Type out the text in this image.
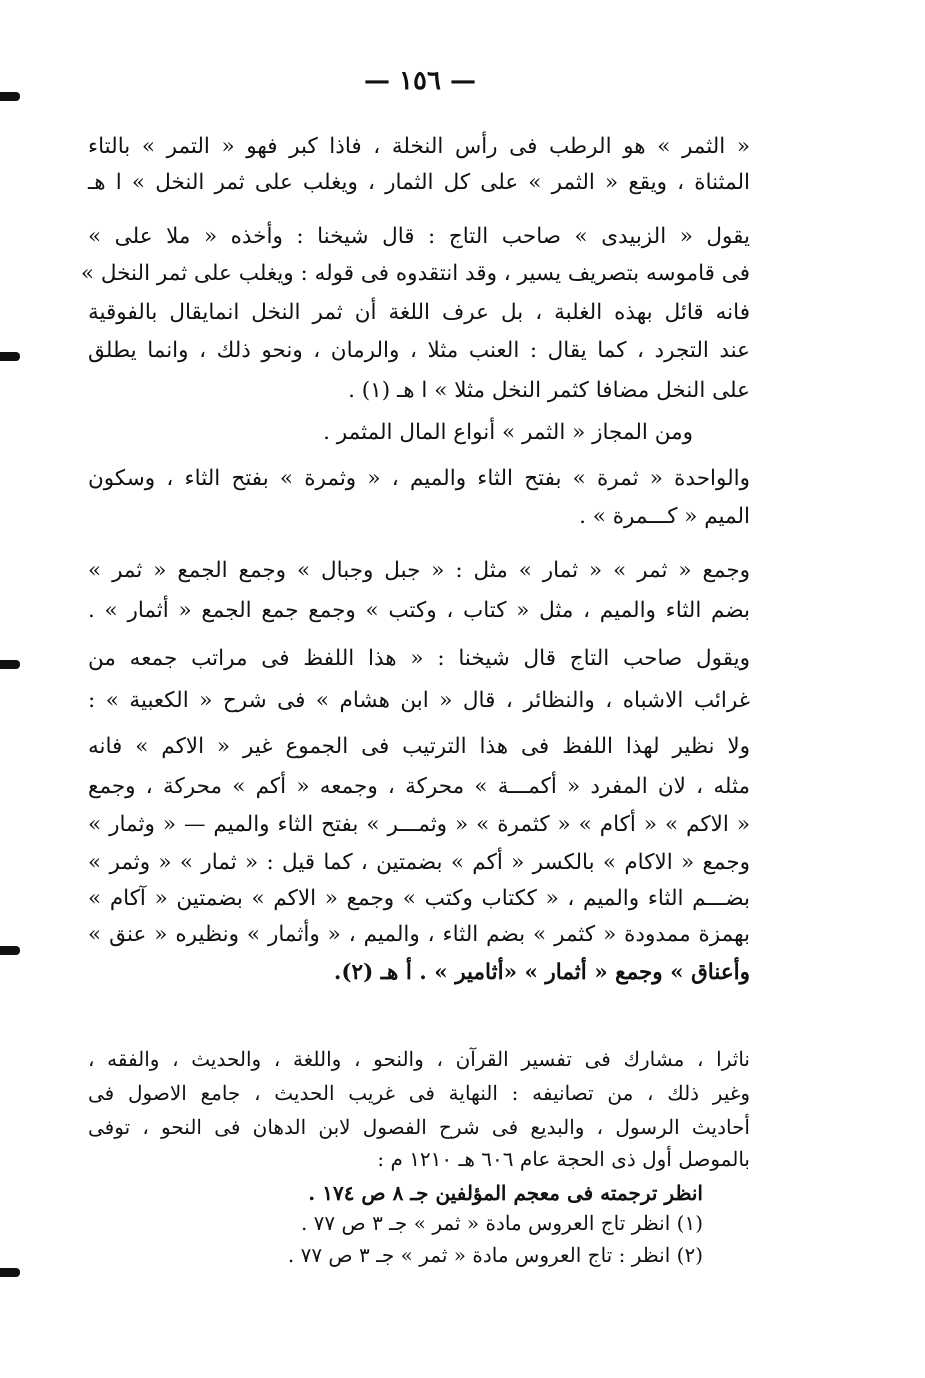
— ١٥٦ —
« الثمر » هو الرطب فى رأس النخلة ، فاذا كبر فهو « التمر » بالتاء
المثناة ، ويقع « الثمر » على كل الثمار ، ويغلب على ثمر النخل » ا هـ
يقول « الزبيدى » صاحب التاج : قال شيخنا : وأخذه « ملا على »
فى قاموسه بتصريف يسير ، وقد انتقدوه فى قوله : ويغلب على ثمر النخل »
فانه قائل بهذه الغلبة ، بل عرف اللغة أن ثمر النخل انمايقال بالفوقية
عند التجرد ، كما يقال : العنب مثلا ، والرمان ، ونحو ذلك ، وانما يطلق
على النخل مضافا كثمر النخل مثلا » ا هـ (١) .
ومن المجاز « الثمر » أنواع المال المثمر .
والواحدة « ثمرة » بفتح الثاء والميم ، « وثمرة » بفتح الثاء ، وسكون
الميم « كـــمرة » .
وجمع « ثمر » « ثمار » مثل : « جبل وجبال » وجمع الجمع « ثمر »
بضم الثاء والميم ، مثل « كتاب ، وكتب » وجمع جمع الجمع « أثمار » .
ويقول صاحب التاج قال شيخنا : « هذا اللفظ فى مراتب جمعه من
غرائب الاشباه ، والنظائر ، قال « ابن هشام » فى شرح « الكعبية » :
ولا نظير لهذا اللفظ فى هذا الترتيب فى الجموع غير « الاكم » فانه
مثله ، لان المفرد « أكمـــة » محركة ، وجمعه « أكم » محركة ، وجمع
« الاكم » « أكام » « كثمرة » « وثمـــر » بفتح الثاء والميم — « وثمار »
وجمع « الاكام » بالكسر « أكم » بضمتين ، كما قيل : « ثمار » « وثمر »
بضـــم الثاء والميم ، « ككتاب وكتب » وجمع « الاكم » بضمتين « آكام »
بهمزة ممدودة « كثمر » بضم الثاء ، والميم ، « وأثمار » ونظيره « عنق »
وأعناق » وجمع « أثمار » «أثامير » . أ هـ (٢).
ناثرا ، مشارك فى تفسير القرآن ، والنحو ، واللغة ، والحديث ، والفقه ،
وغير ذلك ، من تصانيفه : النهاية فى غريب الحديث ، جامع الاصول فى
أحاديث الرسول ، والبديع فى شرح الفصول لابن الدهان فى النحو ، توفى
بالموصل أول ذى الحجة عام ٦٠٦ هـ ١٢١٠ م :
انظر ترجمته فى معجم المؤلفين جـ ٨ ص ١٧٤ .
(١) انظر تاج العروس مادة « ثمر » جـ ٣ ص ٧٧ .
(٢) انظر : تاج العروس مادة « ثمر » جـ ٣ ص ٧٧ .
